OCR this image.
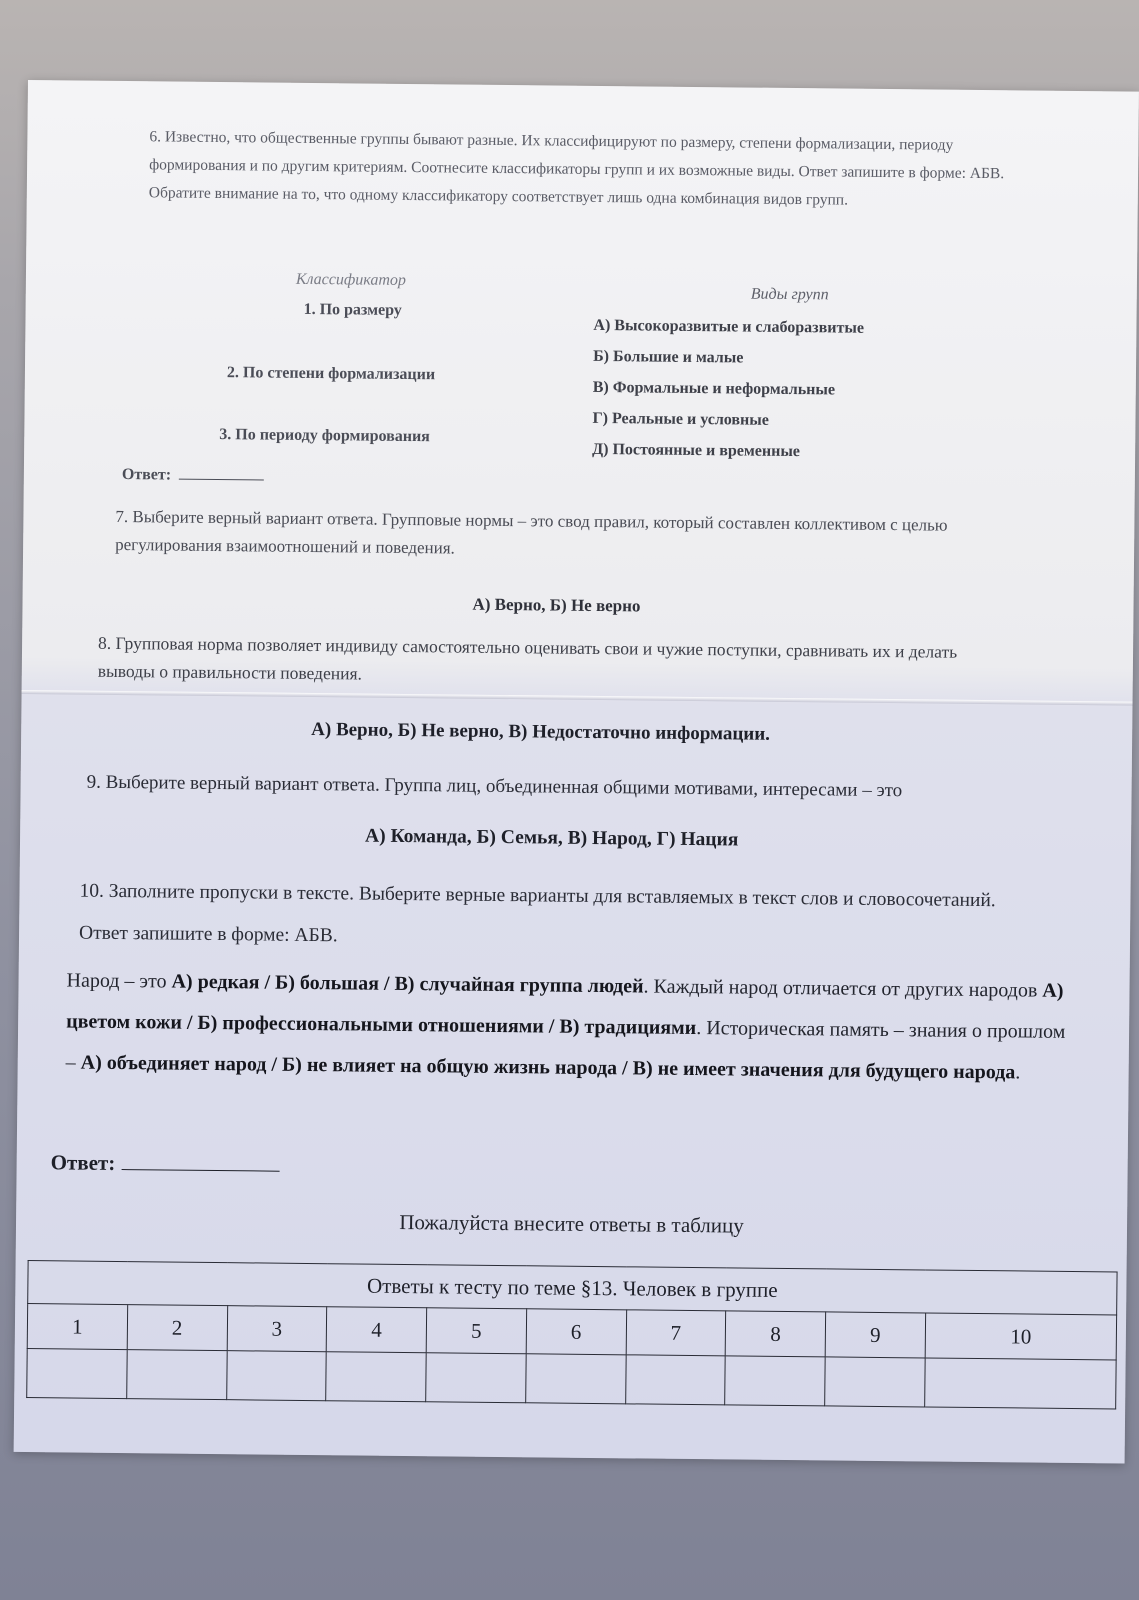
6. Известно, что общественные группы бывают разные. Их классифицируют по размеру, степени формализации, периоду формирования и по другим критериям. Соотнесите классификаторы групп и их возможные виды. Ответ запишите в форме: АБВ. Обратите внимание на то, что одному классификатору соответствует лишь одна комбинация видов групп.
Классификатор
Виды групп
1. По размеру
2. По степени формализации
3. По периоду формирования
А) Высокоразвитые и слаборазвитые
Б) Большие и малые
В) Формальные и неформальные
Г) Реальные и условные
Д) Постоянные и временные
Ответ:
7. Выберите верный вариант ответа. Групповые нормы – это свод правил, который составлен коллективом с целью регулирования взаимоотношений и поведения.
А) Верно, Б) Не верно
8. Групповая норма позволяет индивиду самостоятельно оценивать свои и чужие поступки, сравнивать их и делать выводы о правильности поведения.
А) Верно, Б) Не верно, В) Недостаточно информации.
9. Выберите верный вариант ответа. Группа лиц, объединенная общими мотивами, интересами – это
А) Команда, Б) Семья, В) Народ, Г) Нация
10. Заполните пропуски в тексте. Выберите верные варианты для вставляемых в текст слов и словосочетаний. Ответ запишите в форме: АБВ.
Народ – это А) редкая / Б) большая / В) случайная группа людей. Каждый народ отличается от других народов А) цветом кожи / Б) профессиональными отношениями / В) традициями. Историческая память – знания о прошлом – А) объединяет народ / Б) не влияет на общую жизнь народа / В) не имеет значения для будущего народа.
Ответ:
Пожалуйста внесите ответы в таблицу
Ответы к тесту по теме §13. Человек в группе									
1	2	3	4	5	6	7	8	9	10
